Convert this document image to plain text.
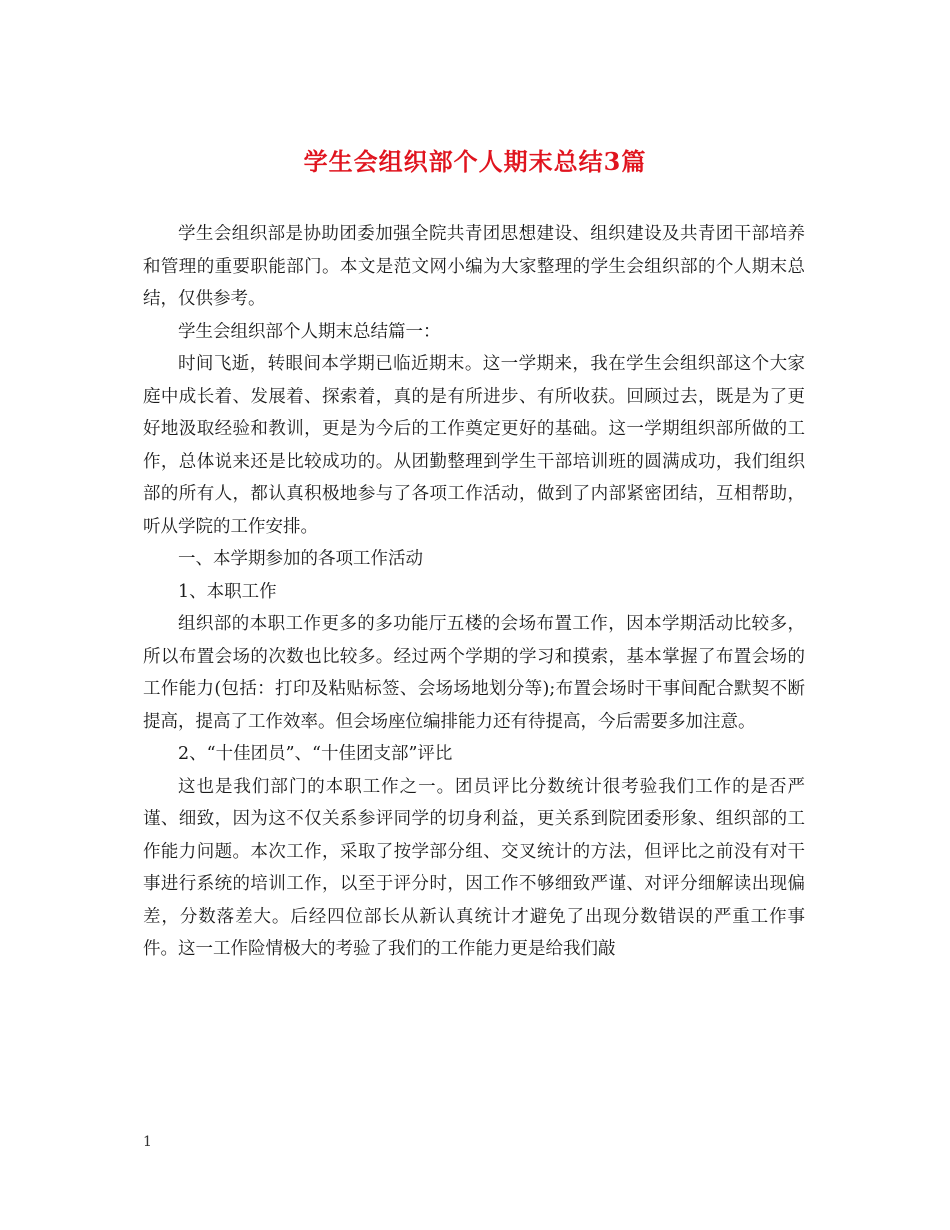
学生会组织部个人期末总结3篇

学生会组织部是协助团委加强全院共青团思想建设、组织建设及共青团干部培养和管理的重要职能部门。本文是范文网小编为大家整理的学生会组织部的个人期末总结，仅供参考。

学生会组织部个人期末总结篇一：

时间飞逝，转眼间本学期已临近期末。这一学期来，我在学生会组织部这个大家庭中成长着、发展着、探索着，真的是有所进步、有所收获。回顾过去，既是为了更好地汲取经验和教训，更是为今后的工作奠定更好的基础。这一学期组织部所做的工作，总体说来还是比较成功的。从团勤整理到学生干部培训班的圆满成功，我们组织部的所有人，都认真积极地参与了各项工作活动，做到了内部紧密团结，互相帮助，听从学院的工作安排。

一、本学期参加的各项工作活动

1、本职工作

组织部的本职工作更多的多功能厅五楼的会场布置工作，因本学期活动比较多，所以布置会场的次数也比较多。经过两个学期的学习和摸索，基本掌握了布置会场的工作能力(包括：打印及粘贴标签、会场场地划分等);布置会场时干事间配合默契不断提高，提高了工作效率。但会场座位编排能力还有待提高，今后需要多加注意。

2、“十佳团员”、“十佳团支部”评比

这也是我们部门的本职工作之一。团员评比分数统计很考验我们工作的是否严谨、细致，因为这不仅关系参评同学的切身利益，更关系到院团委形象、组织部的工作能力问题。本次工作，采取了按学部分组、交叉统计的方法，但评比之前没有对干事进行系统的培训工作，以至于评分时，因工作不够细致严谨、对评分细解读出现偏差，分数落差大。后经四位部长从新认真统计才避免了出现分数错误的严重工作事件。这一工作险情极大的考验了我们的工作能力更是给我们敲

1
